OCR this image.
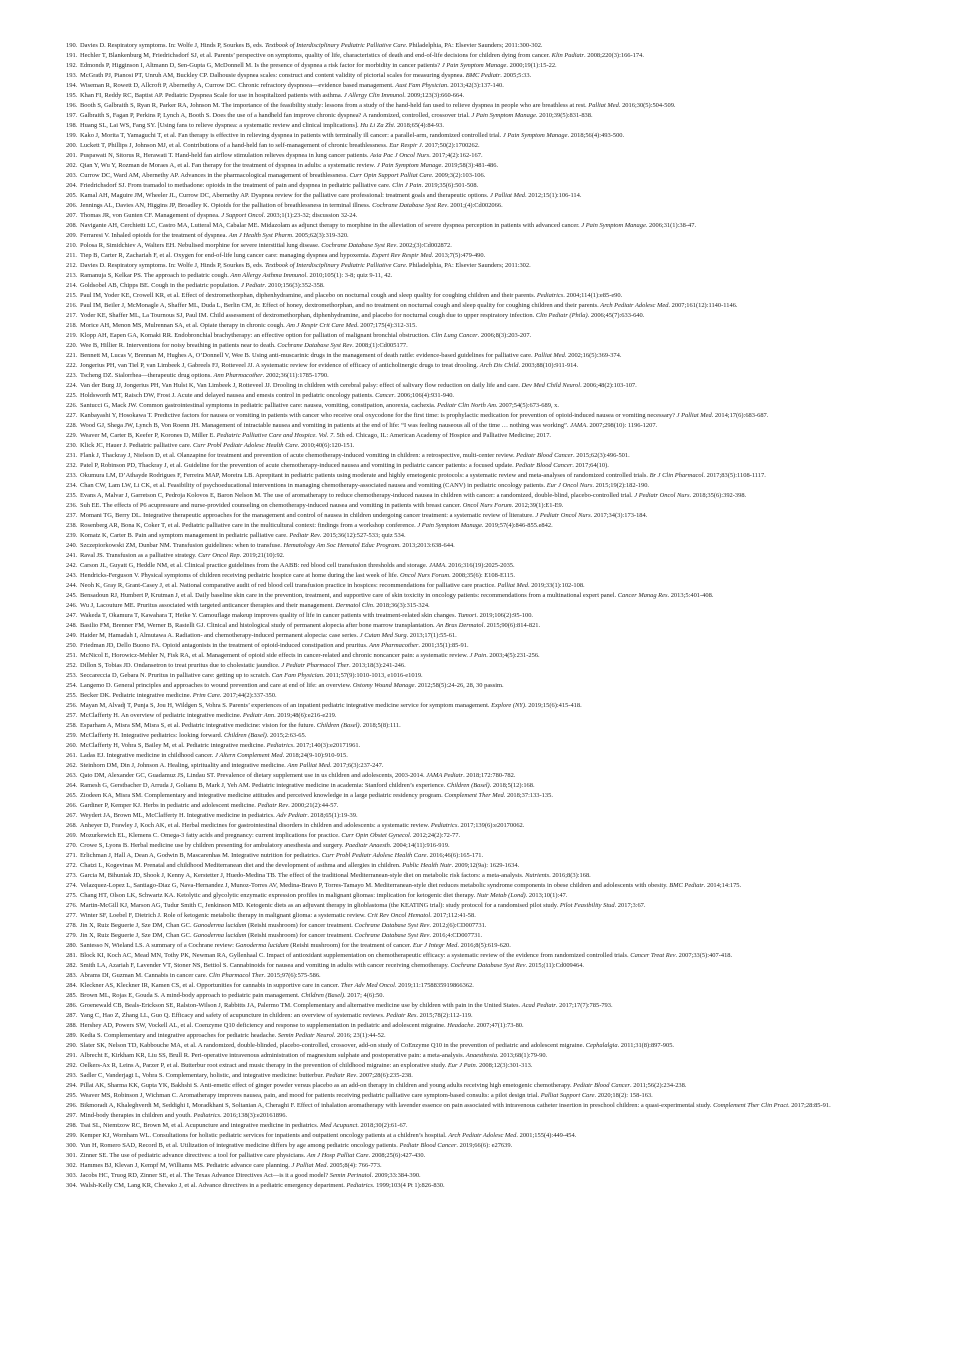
190. Davies D. Respiratory symptoms. In: Wolfe J, Hinds P, Sourkes B, eds. Textbook of Interdisciplinary Pediatric Palliative Care. Philadelphia, PA: Elsevier Saunders; 2011:300-302.
191. Hechler T, Blankenburg M, Friedrichsdorf SJ, et al. Parents’ perspective on symptoms, quality of life, characteristics of death and end-of-life decisions for children dying from cancer. Klin Padiatr. 2008;220(3):166-174.
192. Edmonds P, Higginson I, Altmann D, Sen-Gupta G, McDonnell M. Is the presence of dyspnea a risk factor for morbidity in cancer patients? J Pain Symptom Manage. 2000;19(1):15-22.
193. McGrath PJ, Pianosi PT, Unruh AM, Buckley CP. Dalhousie dyspnea scales: construct and content validity of pictorial scales for measuring dyspnea. BMC Pediatr. 2005;5:33.
194. Wiseman R, Rowett D, Allcroft P, Abernethy A, Currow DC. Chronic refractory dyspnoea—evidence based management. Aust Fam Physician. 2013;42(3):137-140.
195. Khan FI, Reddy RC, Baptist AP. Pediatric Dyspnea Scale for use in hospitalized patients with asthma. J Allergy Clin Immunol. 2009;123(3):660-664.
196. Booth S, Galbraith S, Ryan R, Parker RA, Johnson M. The importance of the feasibility study: lessons from a study of the hand-held fan used to relieve dyspnea in people who are breathless at rest. Palliat Med. 2016;30(5):504-509.
197. Galbraith S, Fagan P, Perkins P, Lynch A, Booth S. Does the use of a handheld fan improve chronic dyspnea? A randomized, controlled, crossover trial. J Pain Symptom Manage. 2010;39(5):831-838.
198. Huang SL, Lai WS, Fang SY. [Using fans to relieve dyspnea: a systematic review and clinical implications]. Hu Li Za Zhi. 2018;65(4):84-93.
199. Kako J, Morita T, Yamaguchi T, et al. Fan therapy is effective in relieving dyspnea in patients with terminally ill cancer: a parallel-arm, randomized controlled trial. J Pain Symptom Manage. 2018;56(4):493-500.
200. Luckett T, Phillips J, Johnson MJ, et al. Contributions of a hand-held fan to self-management of chronic breathlessness. Eur Respir J. 2017;50(2):1700262.
201. Puspawati N, Sitorus R, Herawati T. Hand-held fan airflow stimulation relieves dyspnea in lung cancer patients. Asia Pac J Oncol Nurs. 2017;4(2):162-167.
202. Qian Y, Wu Y, Rozman de Moraes A, et al. Fan therapy for the treatment of dyspnea in adults: a systematic review. J Pain Symptom Manage. 2019;58(3):481-486.
203. Currow DC, Ward AM, Abernethy AP. Advances in the pharmacological management of breathlessness. Curr Opin Support Palliat Care. 2009;3(2):103-106.
204. Friedrichsdorf SJ. From tramadol to methadone: opioids in the treatment of pain and dyspnea in pediatric palliative care. Clin J Pain. 2019;35(6):501-508.
205. Kamal AH, Maguire JM, Wheeler JL, Currow DC, Abernethy AP. Dyspnea review for the palliative care professional: treatment goals and therapeutic options. J Palliat Med. 2012;15(1):106-114.
206. Jennings AL, Davies AN, Higgins JP, Broadley K. Opioids for the palliation of breathlessness in terminal illness. Cochrane Database Syst Rev. 2001;(4):Cd002066.
207. Thomas JR, von Gunten CF. Management of dyspnea. J Support Oncol. 2003;1(1):23-32; discussion 32-24.
208. Navigante AH, Cerchietti LC, Castro MA, Lutteral MA, Cabalar ME. Midazolam as adjunct therapy to morphine in the alleviation of severe dyspnea perception in patients with advanced cancer. J Pain Symptom Manage. 2006;31(1):38-47.
209. Ferraresi V. Inhaled opioids for the treatment of dyspnea. Am J Health Syst Pharm. 2005;62(3):319-320.
210. Polosa R, Simidchiev A, Walters EH. Nebulised morphine for severe interstitial lung disease. Cochrane Database Syst Rev. 2002;(3):Cd002872.
211. Tiep B, Carter R, Zachariah F, et al. Oxygen for end-of-life lung cancer care: managing dyspnea and hypoxemia. Expert Rev Respir Med. 2013;7(5):479-490.
212. Davies D. Respiratory symptoms. In: Wolfe J, Hinds P, Sourkes B, eds. Textbook of Interdisciplinary Pediatric Palliative Care. Philadelphia, PA: Elsevier Saunders; 2011:302.
213. Ramanuja S, Kelkar PS. The approach to pediatric cough. Ann Allergy Asthma Immunol. 2010;105(1): 3-8; quiz 9-11, 42.
214. Goldsobel AB, Chipps BE. Cough in the pediatric population. J Pediatr. 2010;156(3):352-358.
215. Paul IM, Yoder KE, Crowell KR, et al. Effect of dextromethorphan, diphenhydramine, and placebo on nocturnal cough and sleep quality for coughing children and their parents. Pediatrics. 2004;114(1):e85-e90.
216. Paul IM, Beiler J, McMonagle A, Shaffer ML, Duda L, Berlin CM, Jr. Effect of honey, dextromethorphan, and no treatment on nocturnal cough and sleep quality for coughing children and their parents. Arch Pediatr Adolesc Med. 2007;161(12):1140-1146.
217. Yoder KE, Shaffer ML, La Tournous SJ, Paul IM. Child assessment of dextromethorphan, diphenhydramine, and placebo for nocturnal cough due to upper respiratory infection. Clin Pediatr (Phila). 2006;45(7):633-640.
218. Morice AH, Menon MS, Mulrennan SA, et al. Opiate therapy in chronic cough. Am J Respir Crit Care Med. 2007;175(4):312-315.
219. Klopp AH, Eapen GA, Komaki RR. Endobronchial brachytherapy: an effective option for palliation of malignant bronchial obstruction. Clin Lung Cancer. 2006;8(3):203-207.
220. Wee B, Hillier R. Interventions for noisy breathing in patients near to death. Cochrane Database Syst Rev. 2008;(1):Cd005177.
221. Bennett M, Lucas V, Brennan M, Hughes A, O’Donnell V, Wee B. Using anti-muscarinic drugs in the management of death rattle: evidence-based guidelines for palliative care. Palliat Med. 2002;16(5):369-374.
222. Jongerius PH, van Tiel P, van Limbeek J, Gabreels FJ, Rotteveel JJ. A systematic review for evidence of efficacy of anticholinergic drugs to treat drooling. Arch Dis Child. 2003;88(10):911-914.
223. Tscheng DZ. Sialorrhea—therapeutic drug options. Ann Pharmacother. 2002;36(11):1785-1790.
224. Van der Burg JJ, Jongerius PH, Van Hulst K, Van Limbeek J, Rotteveel JJ. Drooling in children with cerebral palsy: effect of salivary flow reduction on daily life and care. Dev Med Child Neurol. 2006;48(2):103-107.
225. Holdsworth MT, Raisch DW, Frost J. Acute and delayed nausea and emesis control in pediatric oncology patients. Cancer. 2006;106(4):931-940.
226. Santucci G, Mack JW. Common gastrointestinal symptoms in pediatric palliative care: nausea, vomiting, constipation, anorexia, cachexia. Pediatr Clin North Am. 2007;54(5):673-689, x.
227. Kanbayashi Y, Hosokawa T. Predictive factors for nausea or vomiting in patients with cancer who receive oral oxycodone for the first time: is prophylactic medication for prevention of opioid-induced nausea or vomiting necessary? J Palliat Med. 2014;17(6):683-687.
228. Wood GJ, Shega JW, Lynch B, Von Roenn JH. Management of intractable nausea and vomiting in patients at the end of life: “I was feeling nauseous all of the time … nothing was working”. JAMA. 2007;298(10): 1196-1207.
229. Weaver M, Carter B, Keefer P, Korones D, Miller E. Pediatric Palliative Care and Hospice. Vol. 7. 5th ed. Chicago, IL: American Academy of Hospice and Palliative Medicine; 2017.
230. Klick JC, Hauer J. Pediatric palliative care. Curr Probl Pediatr Adolesc Health Care. 2010;40(6):120-151.
231. Flank J, Thackray J, Nielson D, et al. Olanzapine for treatment and prevention of acute chemotherapy-induced vomiting in children: a retrospective, multi-center review. Pediatr Blood Cancer. 2015;62(3):496-501.
232. Patel P, Robinson PD, Thackray J, et al. Guideline for the prevention of acute chemotherapy-induced nausea and vomiting in pediatric cancer patients: a focused update. Pediatr Blood Cancer. 2017;64(10).
233. Okumura LM, D’Athayde Rodrigues F, Ferreira MAP, Moreira LB. Aprepitant in pediatric patients using moderate and highly emetogenic protocols: a systematic review and meta-analyses of randomized controlled trials. Br J Clin Pharmacol. 2017;83(5):1108-1117.
234. Chan CW, Lam LW, Li CK, et al. Feasibility of psychoeducational interventions in managing chemotherapy-associated nausea and vomiting (CANV) in pediatric oncology patients. Eur J Oncol Nurs. 2015;19(2):182-190.
235. Evans A, Malvar J, Garretson C, Pedroja Kolovos E, Baron Nelson M. The use of aromatherapy to reduce chemotherapy-induced nausea in children with cancer: a randomized, double-blind, placebo-controlled trial. J Pediatr Oncol Nurs. 2018;35(6):392-398.
236. Suh EE. The effects of P6 acupressure and nurse-provided counseling on chemotherapy-induced nausea and vomiting in patients with breast cancer. Oncol Nurs Forum. 2012;39(1):E1-E9.
237. Momani TG, Berry DL. Integrative therapeutic approaches for the management and control of nausea in children undergoing cancer treatment: a systematic review of literature. J Pediatr Oncol Nurs. 2017;34(3):173-184.
238. Rosenberg AR, Bona K, Coker T, et al. Pediatric palliative care in the multicultural context: findings from a workshop conference. J Pain Symptom Manage. 2019;57(4):846-855.e842.
239. Komatz K, Carter B. Pain and symptom management in pediatric palliative care. Pediatr Rev. 2015;36(12):527-533; quiz 534.
240. Szczepiorkowski ZM, Dunbar NM. Transfusion guidelines: when to transfuse. Hematology Am Soc Hematol Educ Program. 2013;2013:638-644.
241. Raval JS. Transfusion as a palliative strategy. Curr Oncol Rep. 2019;21(10):92.
242. Carson JL, Guyatt G, Heddle NM, et al. Clinical practice guidelines from the AABB: red blood cell transfusion thresholds and storage. JAMA. 2016;316(19):2025-2035.
243. Hendricks-Ferguson V. Physical symptoms of children receiving pediatric hospice care at home during the last week of life. Oncol Nurs Forum. 2008;35(6): E108-E115.
244. Neoh K, Gray R, Grant-Casey J, et al. National comparative audit of red blood cell transfusion practice in hospices: recommendations for palliative care practice. Palliat Med. 2019;33(1):102-108.
245. Bensadoun RJ, Humbert P, Krutman J, et al. Daily baseline skin care in the prevention, treatment, and supportive care of skin toxicity in oncology patients: recommendations from a multinational expert panel. Cancer Manag Res. 2013;5:401-408.
246. Wu J, Lacouture ME. Pruritus associated with targeted anticancer therapies and their management. Dermatol Clin. 2018;36(3):315-324.
247. Wakeda T, Okamura T, Kawahara T, Heike Y. Camouflage makeup improves quality of life in cancer patients with treatment-related skin changes. Tumori. 2019;106(2):95-100.
248. Basilio FM, Brenner FM, Werner B, Rastelli GJ. Clinical and histological study of permanent alopecia after bone marrow transplantation. An Bras Dermatol. 2015;90(6):814-821.
249. Haider M, Hamadah I, Almutawa A. Radiation- and chemotherapy-induced permanent alopecia: case series. J Cutan Med Surg. 2013;17(1):55-61.
250. Friedman JD, Dello Buono FA. Opioid antagonists in the treatment of opioid-induced constipation and pruritus. Ann Pharmacother. 2001;35(1):85-91.
251. McNicol E, Horowicz-Mehler N, Fisk RA, et al. Management of opioid side effects in cancer-related and chronic noncancer pain: a systematic review. J Pain. 2003;4(5):231-256.
252. Dillon S, Tobias JD. Ondansetron to treat pruritus due to cholestatic jaundice. J Pediatr Pharmacol Ther. 2013;18(3):241-246.
253. Seccareccia D, Gebara N. Pruritus in palliative care: getting up to scratch. Can Fam Physician. 2011;57(9):1010-1013, e1016-e1019.
254. Langemo D. General principles and approaches to wound prevention and care at end of life: an overview. Ostomy Wound Manage. 2012;58(5):24-26, 28, 30 passim.
255. Becker DK. Pediatric integrative medicine. Prim Care. 2017;44(2):337-350.
256. Mayan M, Alvadj T, Punja S, Jou H, Wildgen S, Vohra S. Parents’ experiences of an inpatient pediatric integrative medicine service for symptom management. Explore (NY). 2019;15(6):415-418.
257. McClafferty H. An overview of pediatric integrative medicine. Pediatr Ann. 2019;48(6):e216-e219.
258. Esparham A, Misra SM, Misra S, et al. Pediatric integrative medicine: vision for the future. Children (Basel). 2018;5(8):111.
259. McClafferty H. Integrative pediatrics: looking forward. Children (Basel). 2015;2:63-65.
260. McClafferty H, Vohra S, Bailey M, et al. Pediatric integrative medicine. Pediatrics. 2017;140(3):e20171961.
261. Ladas EJ. Integrative medicine in childhood cancer. J Altern Complement Med. 2018;24(9-10):910-915.
262. Steinhorn DM, Din J, Johnson A. Healing, spirituality and integrative medicine. Ann Palliat Med. 2017;6(3):237-247.
263. Qato DM, Alexander GC, Guadamuz JS, Lindau ST. Prevalence of dietary supplement use in us children and adolescents, 2003-2014. JAMA Pediatr. 2018;172:780-782.
264. Ramesh G, Gerstbacher D, Arruda J, Golianu B, Mark J, Yeh AM. Pediatric integrative medicine in academia: Stanford children’s experience. Children (Basel). 2018;5(12):168.
265. Ziodeen KA, Misra SM. Complementary and integrative medicine attitudes and perceived knowledge in a large pediatric residency program. Complement Ther Med. 2018;37:133-135.
266. Gardiner P, Kemper KJ. Herbs in pediatric and adolescent medicine. Pediatr Rev. 2000;21(2):44-57.
267. Weydert JA, Brown ML, McClafferty H. Integrative medicine in pediatrics. Adv Pediatr. 2018;65(1):19-39.
268. Anheyer D, Frawley J, Koch AK, et al. Herbal medicines for gastrointestinal disorders in children and adolescents: a systematic review. Pediatrics. 2017;139(6):e20170062.
269. Mozurkewich EL, Klemens C. Omega-3 fatty acids and pregnancy: current implications for practice. Curr Opin Obstet Gynecol. 2012;24(2):72-77.
270. Crowe S, Lyons B. Herbal medicine use by children presenting for ambulatory anesthesia and surgery. Paediatr Anaesth. 2004;14(11):916-919.
271. Erlichman J, Hall A, Dean A, Godwin B, Mascarenhas M. Integrative nutrition for pediatrics. Curr Probl Pediatr Adolesc Health Care. 2016;46(6):165-171.
272. Chatzi L, Kogevinas M. Prenatal and childhood Mediterranean diet and the development of asthma and allergies in children. Public Health Nutr. 2009;12(9a): 1629-1634.
273. Garcia M, Bihuniak JD, Shook J, Kenny A, Kerstetter J, Huedo-Medina TB. The effect of the traditional Mediterranean-style diet on metabolic risk factors: a meta-analysis. Nutrients. 2016;8(3):168.
274. Velazquez-Lopez L, Santiago-Diaz G, Nava-Hernandez J, Munoz-Torres AV, Medina-Bravo P, Torres-Tamayo M. Mediterranean-style diet reduces metabolic syndrome components in obese children and adolescents with obesity. BMC Pediatr. 2014;14:175.
275. Chang HT, Olson LK, Schwartz KA. Ketolytic and glycolytic enzymatic expression profiles in malignant gliomas: implication for ketogenic diet therapy. Nutr Metab (Lond). 2013;10(1):47.
276. Martin-McGill KJ, Marson AG, Tudur Smith C, Jenkinson MD. Ketogenic diets as an adjuvant therapy in glioblastoma (the KEATING trial): study protocol for a randomised pilot study. Pilot Feasibility Stud. 2017;3:67.
277. Winter SF, Loebel F, Dietrich J. Role of ketogenic metabolic therapy in malignant glioma: a systematic review. Crit Rev Oncol Hematol. 2017;112:41-58.
278. Jin X, Ruiz Beguerie J, Sze DM, Chan GC. Ganoderma lucidum (Reishi mushroom) for cancer treatment. Cochrane Database Syst Rev. 2012;(6):CD007731.
279. Jin X, Ruiz Beguerie J, Sze DM, Chan GC. Ganoderma lucidum (Reishi mushroom) for cancer treatment. Cochrane Database Syst Rev. 2016;4:CD007731.
280. Santesso N, Wieland LS. A summary of a Cochrane review: Ganoderma lucidum (Reishi mushroom) for the treatment of cancer. Eur J Integr Med. 2016;8(5):619-620.
281. Block KI, Koch AC, Mead MN, Tothy PK, Newman RA, Gyllenhaal C. Impact of antioxidant supplementation on chemotherapeutic efficacy: a systematic review of the evidence from randomized controlled trials. Cancer Treat Rev. 2007;33(5):407-418.
282. Smith LA, Azariah F, Lavender VT, Stoner NS, Bettiol S. Cannabinoids for nausea and vomiting in adults with cancer receiving chemotherapy. Cochrane Database Syst Rev. 2015;(11):Cd009464.
283. Abrams DI, Guzman M. Cannabis in cancer care. Clin Pharmacol Ther. 2015;97(6):575-586.
284. Kleckner AS, Kleckner IR, Kamen CS, et al. Opportunities for cannabis in supportive care in cancer. Ther Adv Med Oncol. 2019;11:1758835919866362.
285. Brown ML, Rojas E, Gouda S. A mind-body approach to pediatric pain management. Children (Basel). 2017; 4(6):50.
286. Groenewald CB, Beals-Erickson SE, Ralston-Wilson J, Rabbitts JA, Palermo TM. Complementary and alternative medicine use by children with pain in the United States. Acad Pediatr. 2017;17(7):785-793.
287. Yang C, Hao Z, Zhang LL, Guo Q. Efficacy and safety of acupuncture in children: an overview of systematic reviews. Pediatr Res. 2015;78(2):112-119.
288. Hershey AD, Powers SW, Vockell AL, et al. Coenzyme Q10 deficiency and response to supplementation in pediatric and adolescent migraine. Headache. 2007;47(1):73-80.
289. Kedia S. Complementary and integrative approaches for pediatric headache. Semin Pediatr Neurol. 2016; 23(1):44-52.
290. Slater SK, Nelson TD, Kabbouche MA, et al. A randomized, double-blinded, placebo-controlled, crossover, add-on study of CoEnzyme Q10 in the prevention of pediatric and adolescent migraine. Cephalalgia. 2011;31(8):897-905.
291. Albrecht E, Kirkham KR, Liu SS, Brull R. Peri-operative intravenous administration of magnesium sulphate and postoperative pain: a meta-analysis. Anaesthesia. 2013;68(1):79-90.
292. Oelkers-Ax R, Leins A, Parzer P, et al. Butterbur root extract and music therapy in the prevention of childhood migraine: an explorative study. Eur J Pain. 2008;12(3):301-313.
293. Sadler C, Vanderjagt L, Vohra S. Complementary, holistic, and integrative medicine: butterbur. Pediatr Rev. 2007;28(6):235-238.
294. Pillai AK, Sharma KK, Gupta YK, Bakhshi S. Anti-emetic effect of ginger powder versus placebo as an add-on therapy in children and young adults receiving high emetogenic chemotherapy. Pediatr Blood Cancer. 2011;56(2):234-238.
295. Weaver MS, Robinson J, Wichman C. Aromatherapy improves nausea, pain, and mood for patients receiving pediatric palliative care symptom-based consults: a pilot design trial. Palliat Support Care. 2020;18(2): 158-163.
296. Bikmoradi A, Khaleghverdi M, Seddighi I, Moradkhani S, Soltanian A, Cheraghi F. Effect of inhalation aromatherapy with lavender essence on pain associated with intravenous catheter insertion in preschool children: a quasi-experimental study. Complement Ther Clin Pract. 2017;28:85-91.
297. Mind-body therapies in children and youth. Pediatrics. 2016;138(3):e20161896.
298. Tsai SL, Niemtzow RC, Brown M, et al. Acupuncture and integrative medicine in pediatrics. Med Acupunct. 2018;30(2):61-67.
299. Kemper KJ, Wornham WL. Consultations for holistic pediatric services for inpatients and outpatient oncology patients at a children’s hospital. Arch Pediatr Adolesc Med. 2001;155(4):449-454.
300. Yun H, Romero SAD, Record B, et al. Utilization of integrative medicine differs by age among pediatric oncology patients. Pediatr Blood Cancer. 2019;66(6): e27639.
301. Zinner SE. The use of pediatric advance directives: a tool for palliative care physicians. Am J Hosp Palliat Care. 2008;25(6):427-430.
302. Hammes BJ, Klevan J, Kempf M, Williams MS. Pediatric advance care planning. J Palliat Med. 2005;8(4): 766-773.
303. Jacobs HC, Truog RD, Zinner SE, et al. The Texas Advance Directives Act—is it a good model? Semin Perinatol. 2009;33:384-390.
304. Walsh-Kelly CM, Lang KR, Chevako J, et al. Advance directives in a pediatric emergency department. Pediatrics. 1999;103(4 Pt 1):826-830.
